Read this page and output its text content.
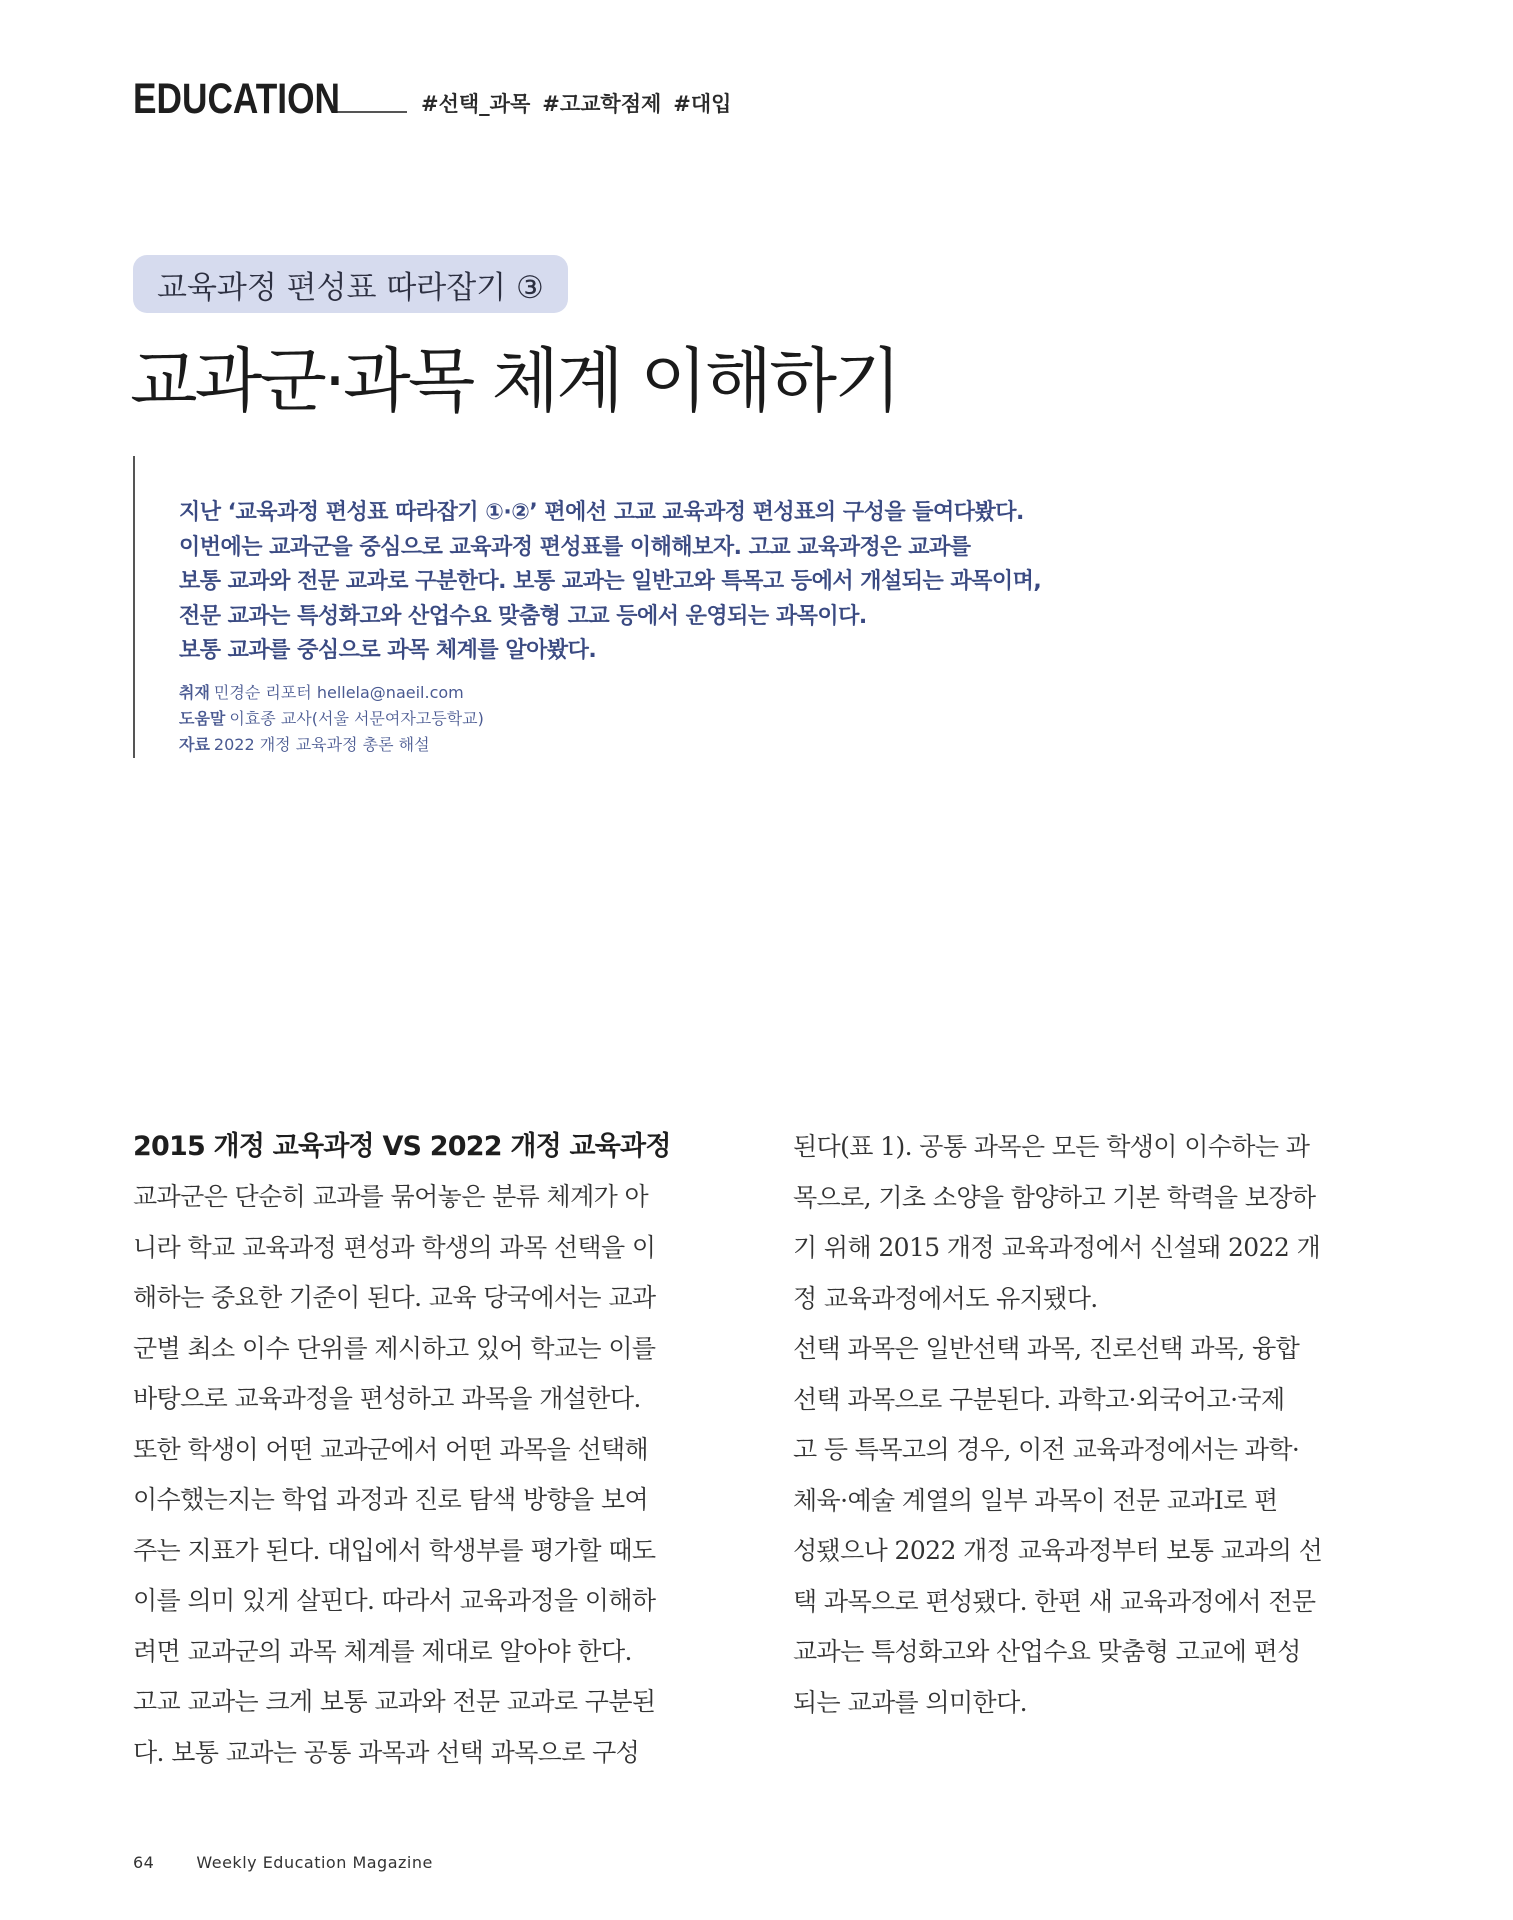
EDUCATION	#선택_과목 #고교학점제 #대입
교육과정 편성표 따라잡기 ③
교과군·과목 체계 이해하기
지난 ‘교육과정 편성표 따라잡기 ①·②’ 편에선 고교 교육과정 편성표의 구성을 들여다봤다.
이번에는 교과군을 중심으로 교육과정 편성표를 이해해보자. 고교 교육과정은 교과를
보통 교과와 전문 교과로 구분한다. 보통 교과는 일반고와 특목고 등에서 개설되는 과목이며,
전문 교과는 특성화고와 산업수요 맞춤형 고교 등에서 운영되는 과목이다.
보통 교과를 중심으로 과목 체계를 알아봤다.
취재 민경순 리포터 hellela@naeil.com
도움말 이효종 교사(서울 서문여자고등학교)
자료 2022 개정 교육과정 총론 해설
2015 개정 교육과정 VS 2022 개정 교육과정
교과군은 단순히 교과를 묶어놓은 분류 체계가 아
니라 학교 교육과정 편성과 학생의 과목 선택을 이
해하는 중요한 기준이 된다. 교육 당국에서는 교과
군별 최소 이수 단위를 제시하고 있어 학교는 이를
바탕으로 교육과정을 편성하고 과목을 개설한다.
또한 학생이 어떤 교과군에서 어떤 과목을 선택해
이수했는지는 학업 과정과 진로 탐색 방향을 보여
주는 지표가 된다. 대입에서 학생부를 평가할 때도
이를 의미 있게 살핀다. 따라서 교육과정을 이해하
려면 교과군의 과목 체계를 제대로 알아야 한다.
고교 교과는 크게 보통 교과와 전문 교과로 구분된
다. 보통 교과는 공통 과목과 선택 과목으로 구성
된다(표 1). 공통 과목은 모든 학생이 이수하는 과
목으로, 기초 소양을 함양하고 기본 학력을 보장하
기 위해 2015 개정 교육과정에서 신설돼 2022 개
정 교육과정에서도 유지됐다.
선택 과목은 일반선택 과목, 진로선택 과목, 융합
선택 과목으로 구분된다. 과학고·외국어고·국제
고 등 특목고의 경우, 이전 교육과정에서는 과학·
체육·예술 계열의 일부 과목이 전문 교과Ⅰ로 편
성됐으나 2022 개정 교육과정부터 보통 교과의 선
택 과목으로 편성됐다. 한편 새 교육과정에서 전문
교과는 특성화고와 산업수요 맞춤형 고교에 편성
되는 교과를 의미한다.
64	Weekly Education Magazine
